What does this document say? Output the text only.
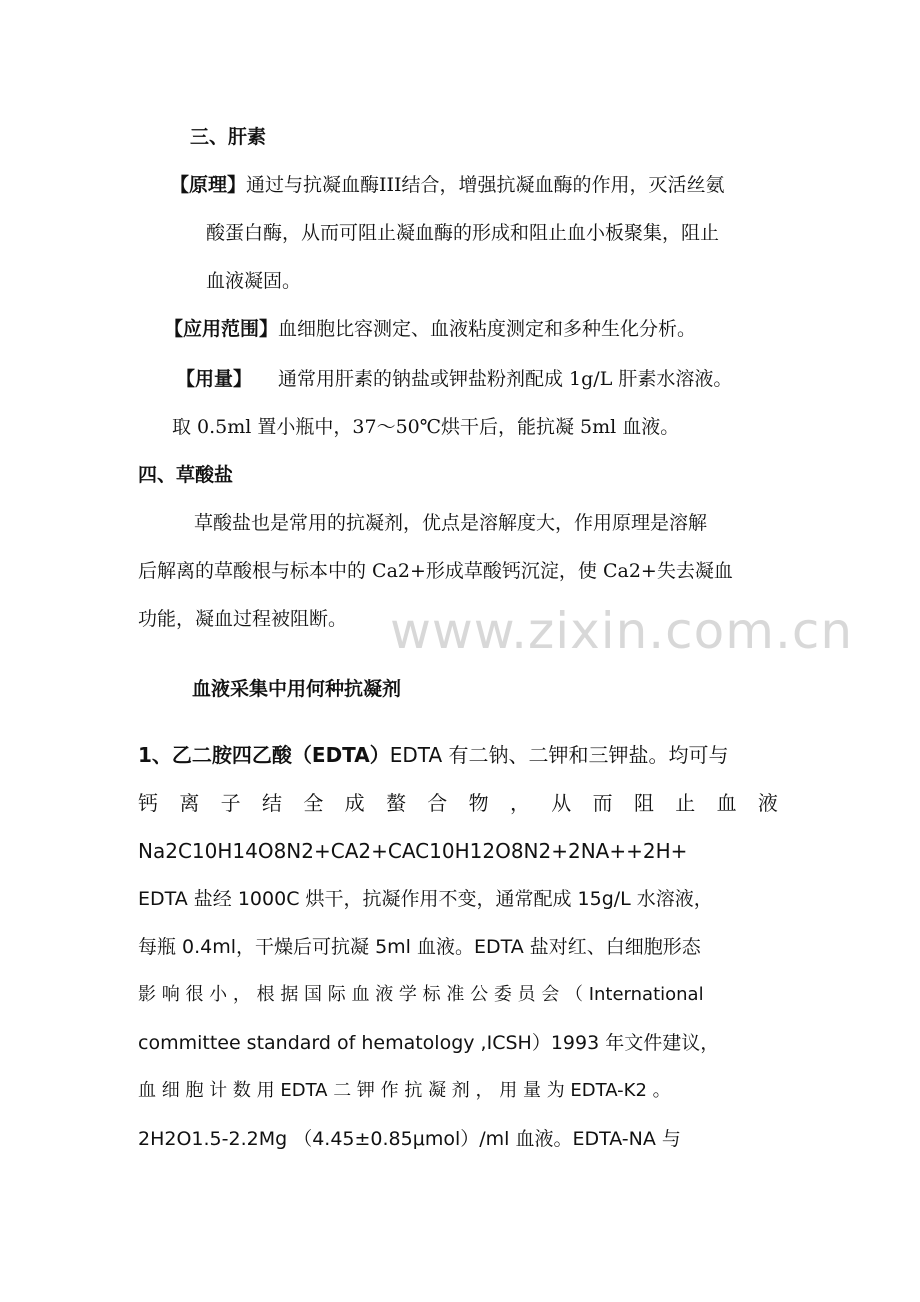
三、肝素
【原理】通过与抗凝血酶III结合，增强抗凝血酶的作用，灭活丝氨
酸蛋白酶，从而可阻止凝血酶的形成和阻止血小板聚集，阻止
血液凝固。
【应用范围】血细胞比容测定、血液粘度测定和多种生化分析。
【用量】 通常用肝素的钠盐或钾盐粉剂配成 1g/L 肝素水溶液。
取 0.5ml 置小瓶中，37～50℃烘干后，能抗凝 5ml 血液。
四、草酸盐
草酸盐也是常用的抗凝剂，优点是溶解度大，作用原理是溶解
后解离的草酸根与标本中的 Ca2+形成草酸钙沉淀，使 Ca2+失去凝血
功能，凝血过程被阻断。 www.zixin.com.cn
血液采集中用何种抗凝剂
1、乙二胺四乙酸（EDTA）EDTA 有二钠、二钾和三钾盐。均可与
钙 离 子 结 全 成 螯 合 物 ， 从 而 阻 止 血 液
Na2C10H14O8N2+CA2+CAC10H12O8N2+2NA++2H+
EDTA 盐经 1000C 烘干，抗凝作用不变，通常配成 15g/L 水溶液，
每瓶 0.4ml，干燥后可抗凝 5ml 血液。EDTA 盐对红、白细胞形态
影 响 很 小 ， 根 据 国 际 血 液 学 标 准 公 委 员 会 （ International
committee standard of hematology ,ICSH）1993 年文件建议，
血 细 胞 计 数 用 EDTA 二 钾 作 抗 凝 剂 ， 用 量 为 EDTA-K2 。
2H2O1.5-2.2Mg （4.45±0.85μmol）/ml 血液。EDTA-NA 与
